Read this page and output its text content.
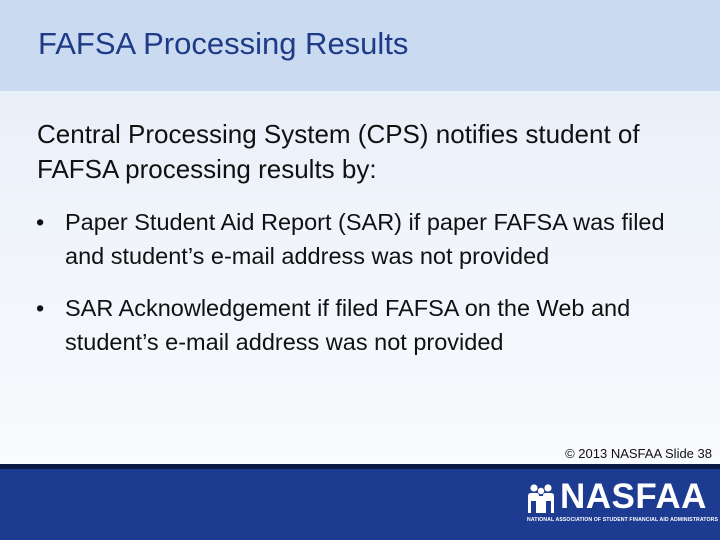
FAFSA Processing Results
Central Processing System (CPS) notifies student of FAFSA processing results by:
• Paper Student Aid Report (SAR) if paper FAFSA was filed and student’s e-mail address was not provided
• SAR Acknowledgement if filed FAFSA on the Web and student’s e-mail address was not provided
© 2013 NASFAA Slide 38
NASFAA
NATIONAL ASSOCIATION OF STUDENT FINANCIAL AID ADMINISTRATORS
